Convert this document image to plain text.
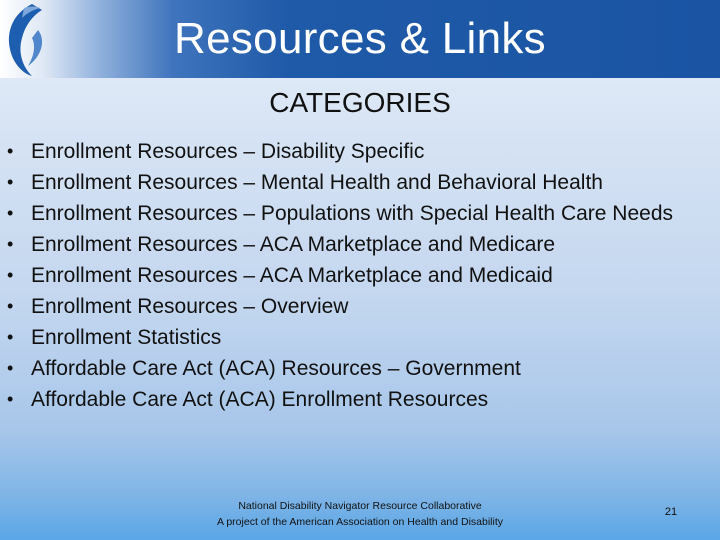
Resources & Links
CATEGORIES
• Enrollment Resources – Disability Specific
• Enrollment Resources – Mental Health and Behavioral Health
• Enrollment Resources – Populations with Special Health Care Needs
• Enrollment Resources – ACA Marketplace and Medicare
• Enrollment Resources – ACA Marketplace and Medicaid
• Enrollment Resources – Overview
• Enrollment Statistics
• Affordable Care Act (ACA) Resources – Government
• Affordable Care Act (ACA) Enrollment Resources
National Disability Navigator Resource Collaborative
A project of the American Association on Health and Disability
21
